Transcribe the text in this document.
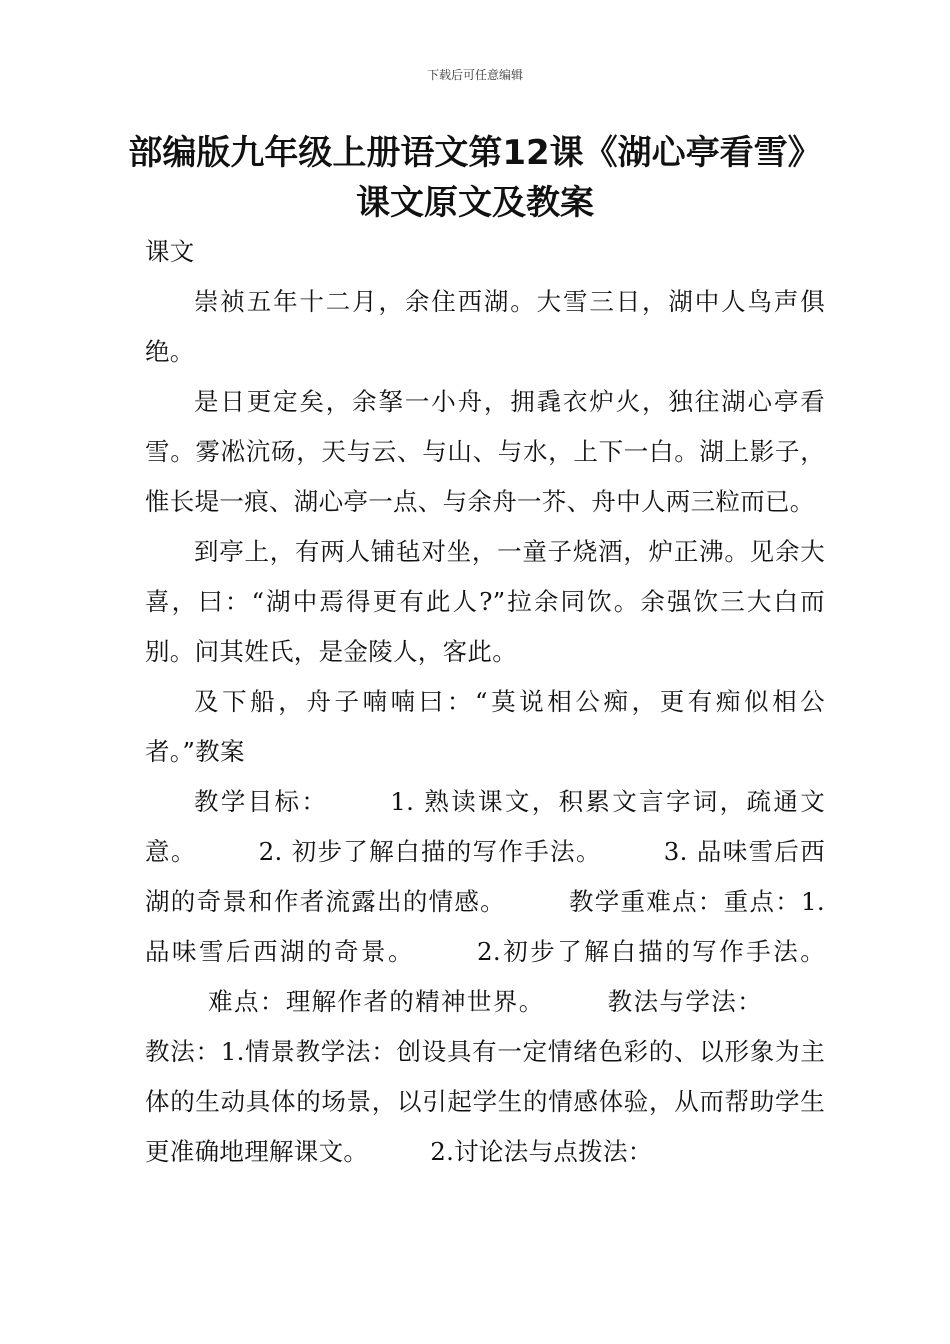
下载后可任意编辑
部编版九年级上册语文第12课《湖心亭看雪》课文原文及教案

课文

崇祯五年十二月，余住西湖。大雪三日，湖中人鸟声俱绝。

是日更定矣，余拏一小舟，拥毳衣炉火，独往湖心亭看雪。雾凇沆砀，天与云、与山、与水，上下一白。湖上影子，惟长堤一痕、湖心亭一点、与余舟一芥、舟中人两三粒而已。

到亭上，有两人铺毡对坐，一童子烧酒，炉正沸。见余大喜，曰：“湖中焉得更有此人?”拉余同饮。余强饮三大白而别。问其姓氏，是金陵人，客此。

及下船，舟子喃喃曰：“莫说相公痴，更有痴似相公者。”教案

教学目标：	1. 熟读课文，积累文言字词，疏通文意。	2. 初步了解白描的写作手法。	3. 品味雪后西湖的奇景和作者流露出的情感。	教学重难点：重点：1.品味雪后西湖的奇景。	2.初步了解白描的写作手法。难点：理解作者的精神世界。	教法与学法：教法：1.情景教学法：创设具有一定情绪色彩的、以形象为主体的生动具体的场景，以引起学生的情感体验，从而帮助学生更准确地理解课文。	2.讨论法与点拨法：
